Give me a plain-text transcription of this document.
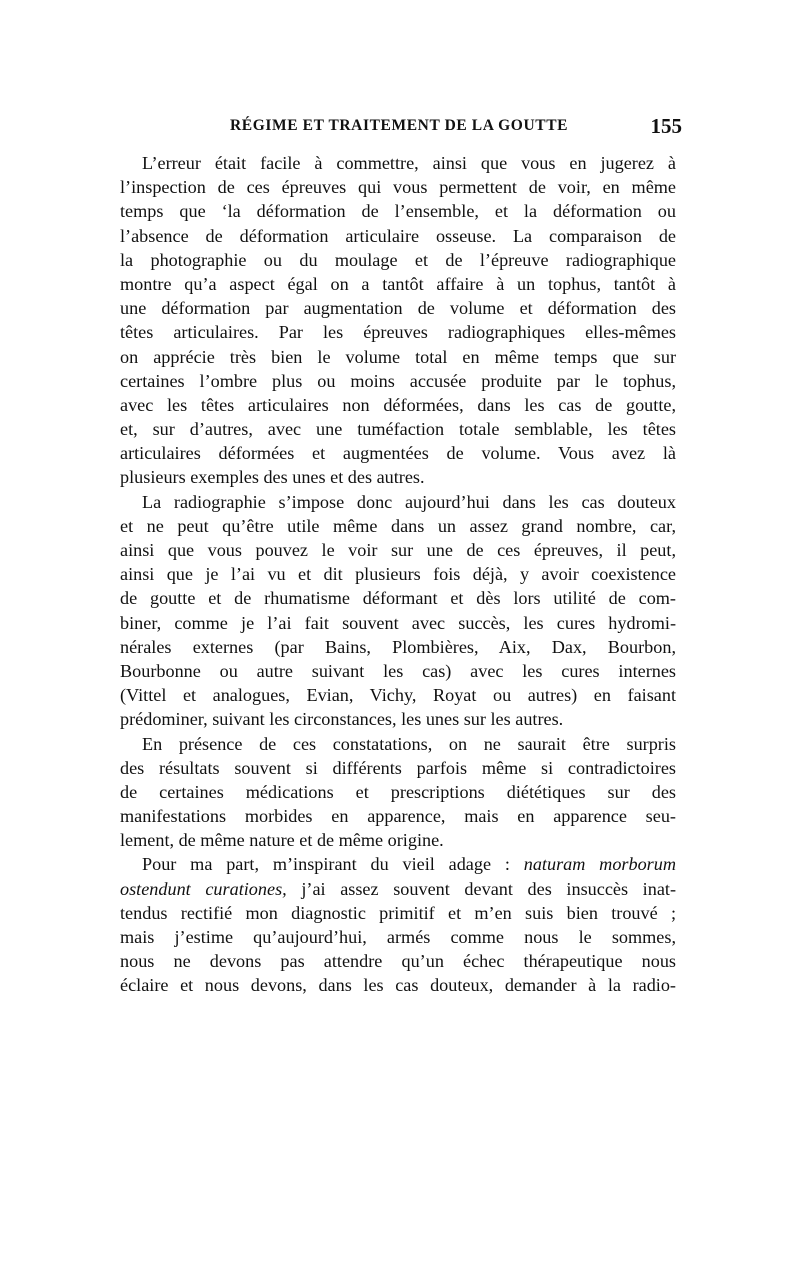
RÉGIME ET TRAITEMENT DE LA GOUTTE	155

L’erreur était facile à commettre, ainsi que vous en jugerez à
l’inspection de ces épreuves qui vous permettent de voir, en même
temps que ‘la déformation de l’ensemble, et la déformation ou
l’absence de déformation articulaire osseuse. La comparaison de
la photographie ou du moulage et de l’épreuve radiographique
montre qu’a aspect égal on a tantôt affaire à un tophus, tantôt à
une déformation par augmentation de volume et déformation des
têtes articulaires. Par les épreuves radiographiques elles-mêmes
on apprécie très bien le volume total en même temps que sur
certaines l’ombre plus ou moins accusée produite par le tophus,
avec les têtes articulaires non déformées, dans les cas de goutte,
et, sur d’autres, avec une tuméfaction totale semblable, les têtes
articulaires déformées et augmentées de volume. Vous avez là
plusieurs exemples des unes et des autres.

La radiographie s’impose donc aujourd’hui dans les cas douteux
et ne peut qu’être utile même dans un assez grand nombre, car,
ainsi que vous pouvez le voir sur une de ces épreuves, il peut,
ainsi que je l’ai vu et dit plusieurs fois déjà, y avoir coexistence
de goutte et de rhumatisme déformant et dès lors utilité de com-
biner, comme je l’ai fait souvent avec succès, les cures hydromi-
nérales externes (par Bains, Plombières, Aix, Dax, Bourbon,
Bourbonne ou autre suivant les cas) avec les cures internes
(Vittel et analogues, Evian, Vichy, Royat ou autres) en faisant
prédominer, suivant les circonstances, les unes sur les autres.

En présence de ces constatations, on ne saurait être surpris
des résultats souvent si différents parfois même si contradictoires
de certaines médications et prescriptions diététiques sur des
manifestations morbides en apparence, mais en apparence seu-
lement, de même nature et de même origine.

Pour ma part, m’inspirant du vieil adage : naturam morborum
ostendunt curationes, j’ai assez souvent devant des insuccès inat-
tendus rectifié mon diagnostic primitif et m’en suis bien trouvé ;
mais j’estime qu’aujourd’hui, armés comme nous le sommes,
nous ne devons pas attendre qu’un échec thérapeutique nous
éclaire et nous devons, dans les cas douteux, demander à la radio-
